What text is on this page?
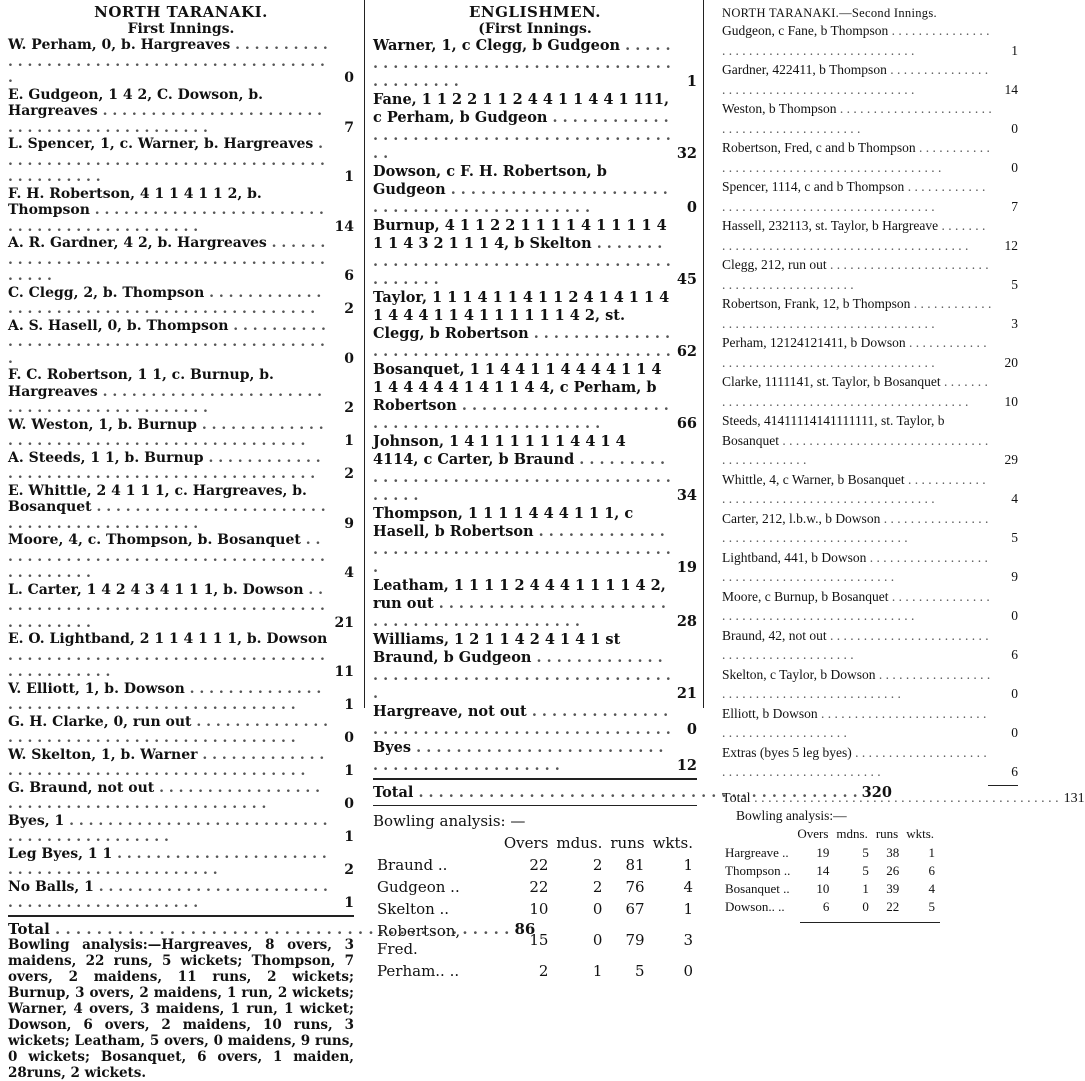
NORTH TARANAKI.
First Innings.
W. Perham, 0, b. Hargreaves . . .
0
E. Gudgeon, 1 4 2, C. Dowson, b. Hargreaves . . .
7
L. Spencer, 1, c. Warner, b. Hargreaves . . .
1
F. H. Robertson, 4 1 1 4 1 1 2, b. Thompson . . .
14
A. R. Gardner, 4 2, b. Hargreaves . . .
6
C. Clegg, 2, b. Thompson . . .
2
A. S. Hasell, 0, b. Thompson . . .
0
F. C. Robertson, 1 1, c. Burnup, b. Hargreaves . . .
2
W. Weston, 1, b. Burnup . . .
1
A. Steeds, 1 1, b. Burnup . . .
2
E. Whittle, 2 4 1 1 1, c. Hargreaves, b. Bosanquet . . .
9
Moore, 4, c. Thompson, b. Bosanquet . . .
4
L. Carter, 1 4 2 4 3 4 1 1 1, b. Dowson . . .
21
E. O. Lightband, 2 1 1 4 1 1 1, b. Dowson . . .
11
V. Elliott, 1, b. Dowson . . .
1
G. H. Clarke, 0, run out . . .
0
W. Skelton, 1, b. Warner . . .
1
G. Braund, not out . . .
0
Byes, 1 . . .
1
Leg Byes, 1 1 . . .
2
No Balls, 1 . . .
1
Total . . .	86
Bowling analysis:—Hargreaves, 8 overs, 3 maidens, 22 runs, 5 wickets; Thompson, 7 overs, 2 maidens, 11 runs, 2 wickets; Burnup, 3 overs, 2 maidens, 1 run, 2 wickets; Warner, 4 overs, 3 maidens, 1 run, 1 wicket; Dowson, 6 overs, 2 maidens, 10 runs, 3 wickets; Leatham, 5 overs, 0 maidens, 9 runs, 0 wickets; Bosanquet, 6 overs, 1 maiden, 28runs, 2 wickets.
ENGLISHMEN.
(First Innings.
Warner, 1, c Clegg, b Gudgeon . . .
1
Fane, 1 1 2 2 1 1 2 4 4 1 1 4 4 1 111, c Perham, b Gudgeon . . .
32
Dowson, c F. H. Robertson, b Gudgeon . . .
0
Burnup, 4 1 1 2 2 1 1 1 1 4 1 1 1 1 4 1 1 4 3 2 1 1 1 4, b Skelton . . .
45
Taylor, 1 1 1 4 1 1 4 1 1 2 4 1 4 1 1 4 1 4 4 4 1 1 4 1 1 1 1 1 1 4 2, st. Clegg, b Robertson . . .
62
Bosanquet, 1 1 4 4 1 1 4 4 4 4 1 1 4 1 4 4 4 4 4 1 4 1 1 4 4, c Perham, b Robertson . . .
66
Johnson, 1 4 1 1 1 1 1 1 4 4 1 4 4114, c Carter, b Braund . . .
34
Thompson, 1 1 1 1 4 4 4 1 1 1, c Hasell, b Robertson . . .
19
Leatham, 1 1 1 1 2 4 4 4 1 1 1 1 4 2, run out . . .
28
Williams, 1 2 1 1 4 2 4 1 4 1 st Braund, b Gudgeon . . .
21
Hargreave, not out . . .
0
Byes . . .
12
Total . . .	320
Bowling analysis: —
	Overs	mdus.	runs	wkts.
Braund ..	22	2	81	1
Gudgeon ..	22	2	76	4
Skelton ..	10	0	67	1
Robertson, Fred.	15	0	79	3
Perham.. ..	2	1	5	0
NORTH TARANAKI.—Second Innings.
Gudgeon, c Fane, b Thompson . . .
1
Gardner, 422411, b Thompson . . .
14
Weston, b Thompson . . .
0
Robertson, Fred, c and b Thompson . . .
0
Spencer, 1114, c and b Thompson . . .
7
Hassell, 232113, st. Taylor, b Hargreave . . .
12
Clegg, 212, run out . . .
5
Robertson, Frank, 12, b Thompson . . .
3
Perham, 12124121411, b Dowson . . .
20
Clarke, 1111141, st. Taylor, b Bosanquet . . .
10
Steeds, 41411114141111111, st. Taylor, b Bosanquet . . .
29
Whittle, 4, c Warner, b Bosanquet . . .
4
Carter, 212, l.b.w., b Dowson . . .
5
Lightband, 441, b Dowson . . .
9
Moore, c Burnup, b Bosanquet . . .
0
Braund, 42, not out . . .
6
Skelton, c Taylor, b Dowson . . .
0
Elliott, b Dowson . . .
0
Extras (byes 5 leg byes) . . .
6
Total . . .	131
Bowling analysis:—
	Overs	mdns.	runs	wkts.
Hargreave ..	19	5	38	1
Thompson ..	14	5	26	6
Bosanquet ..	10	1	39	4
Dowson.. ..	6	0	22	5
